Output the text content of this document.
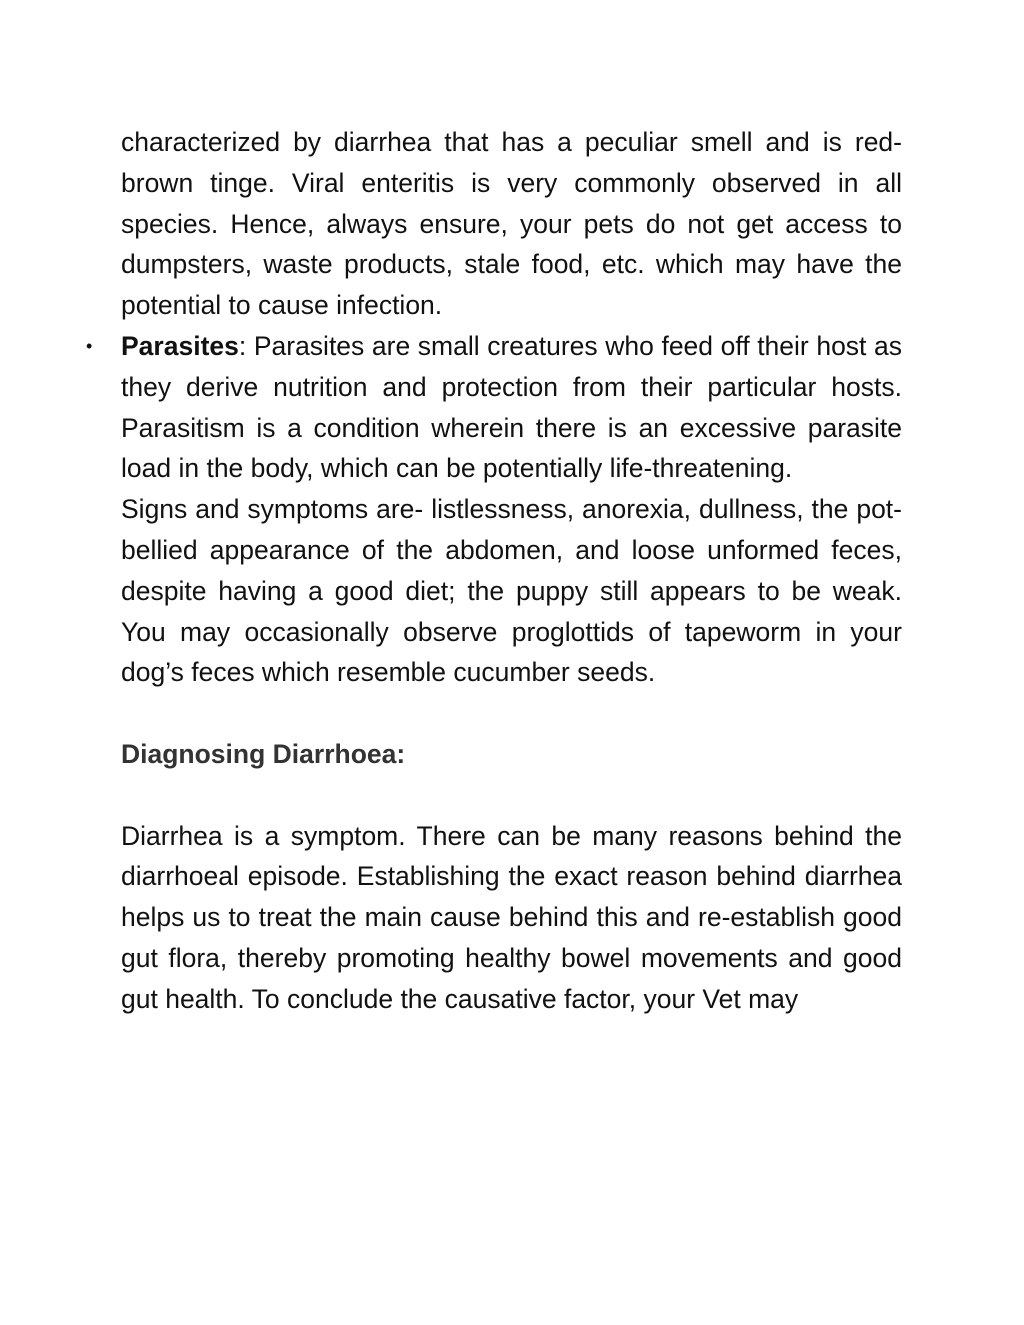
characterized by diarrhea that has a peculiar smell and is red-brown tinge. Viral enteritis is very commonly observed in all species. Hence, always ensure, your pets do not get access to dumpsters, waste products, stale food, etc. which may have the potential to cause infection.

• Parasites: Parasites are small creatures who feed off their host as they derive nutrition and protection from their particular hosts. Parasitism is a condition wherein there is an excessive parasite load in the body, which can be potentially life-threatening.

Signs and symptoms are- listlessness, anorexia, dullness, the pot-bellied appearance of the abdomen, and loose unformed feces, despite having a good diet; the puppy still appears to be weak. You may occasionally observe proglottids of tapeworm in your dog’s feces which resemble cucumber seeds.

Diagnosing Diarrhoea:

Diarrhea is a symptom. There can be many reasons behind the diarrhoeal episode. Establishing the exact reason behind diarrhea helps us to treat the main cause behind this and re-establish good gut flora, thereby promoting healthy bowel movements and good gut health. To conclude the causative factor, your Vet may
